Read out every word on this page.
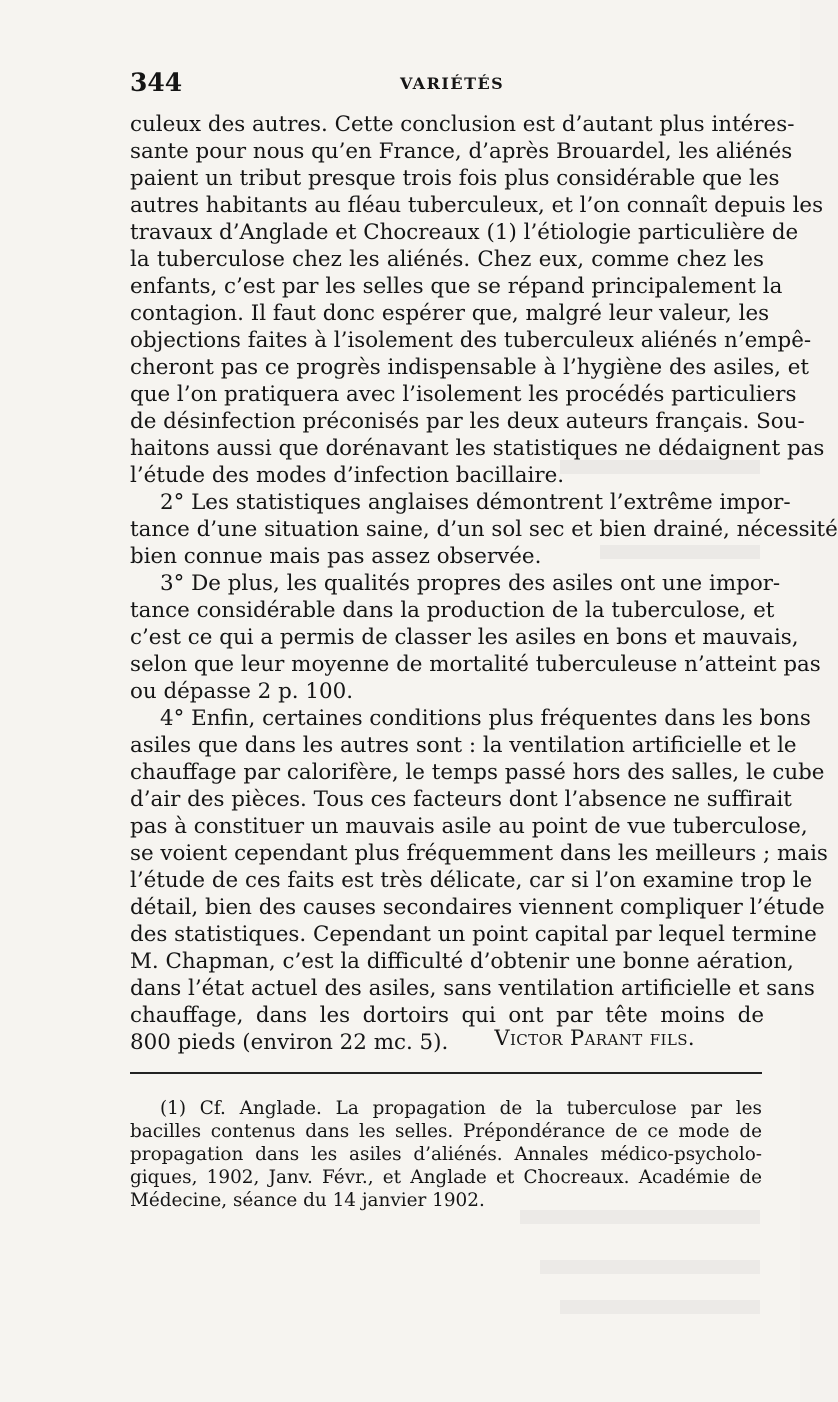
344	VARIÉTÉS
culeux des autres. Cette conclusion est d’autant plus intéres-
sante pour nous qu’en France, d’après Brouardel, les aliénés
paient un tribut presque trois fois plus considérable que les
autres habitants au fléau tuberculeux, et l’on connaît depuis les
travaux d’Anglade et Chocreaux (1) l’étiologie particulière de
la tuberculose chez les aliénés. Chez eux, comme chez les
enfants, c’est par les selles que se répand principalement la
contagion. Il faut donc espérer que, malgré leur valeur, les
objections faites à l’isolement des tuberculeux aliénés n’empê-
cheront pas ce progrès indispensable à l’hygiène des asiles, et
que l’on pratiquera avec l’isolement les procédés particuliers
de désinfection préconisés par les deux auteurs français. Sou-
haitons aussi que dorénavant les statistiques ne dédaignent pas
l’étude des modes d’infection bacillaire.
2° Les statistiques anglaises démontrent l’extrême impor-
tance d’une situation saine, d’un sol sec et bien drainé, nécessité
bien connue mais pas assez observée.
3° De plus, les qualités propres des asiles ont une impor-
tance considérable dans la production de la tuberculose, et
c’est ce qui a permis de classer les asiles en bons et mauvais,
selon que leur moyenne de mortalité tuberculeuse n’atteint pas
ou dépasse 2 p. 100.
4° Enfin, certaines conditions plus fréquentes dans les bons
asiles que dans les autres sont : la ventilation artificielle et le
chauffage par calorifère, le temps passé hors des salles, le cube
d’air des pièces. Tous ces facteurs dont l’absence ne suffirait
pas à constituer un mauvais asile au point de vue tuberculose,
se voient cependant plus fréquemment dans les meilleurs ; mais
l’étude de ces faits est très délicate, car si l’on examine trop le
détail, bien des causes secondaires viennent compliquer l’étude
des statistiques. Cependant un point capital par lequel termine
M. Chapman, c’est la difficulté d’obtenir une bonne aération,
dans l’état actuel des asiles, sans ventilation artificielle et sans
chauffage, dans les dortoirs qui ont par tête moins de
800 pieds (environ 22 mc. 5).	Victor Parant fils.
(1) Cf. Anglade. La propagation de la tuberculose par les
bacilles contenus dans les selles. Prépondérance de ce mode de
propagation dans les asiles d’aliénés. Annales médico-psycholo-
giques, 1902, Janv. Févr., et Anglade et Chocreaux. Académie de
Médecine, séance du 14 janvier 1902.
